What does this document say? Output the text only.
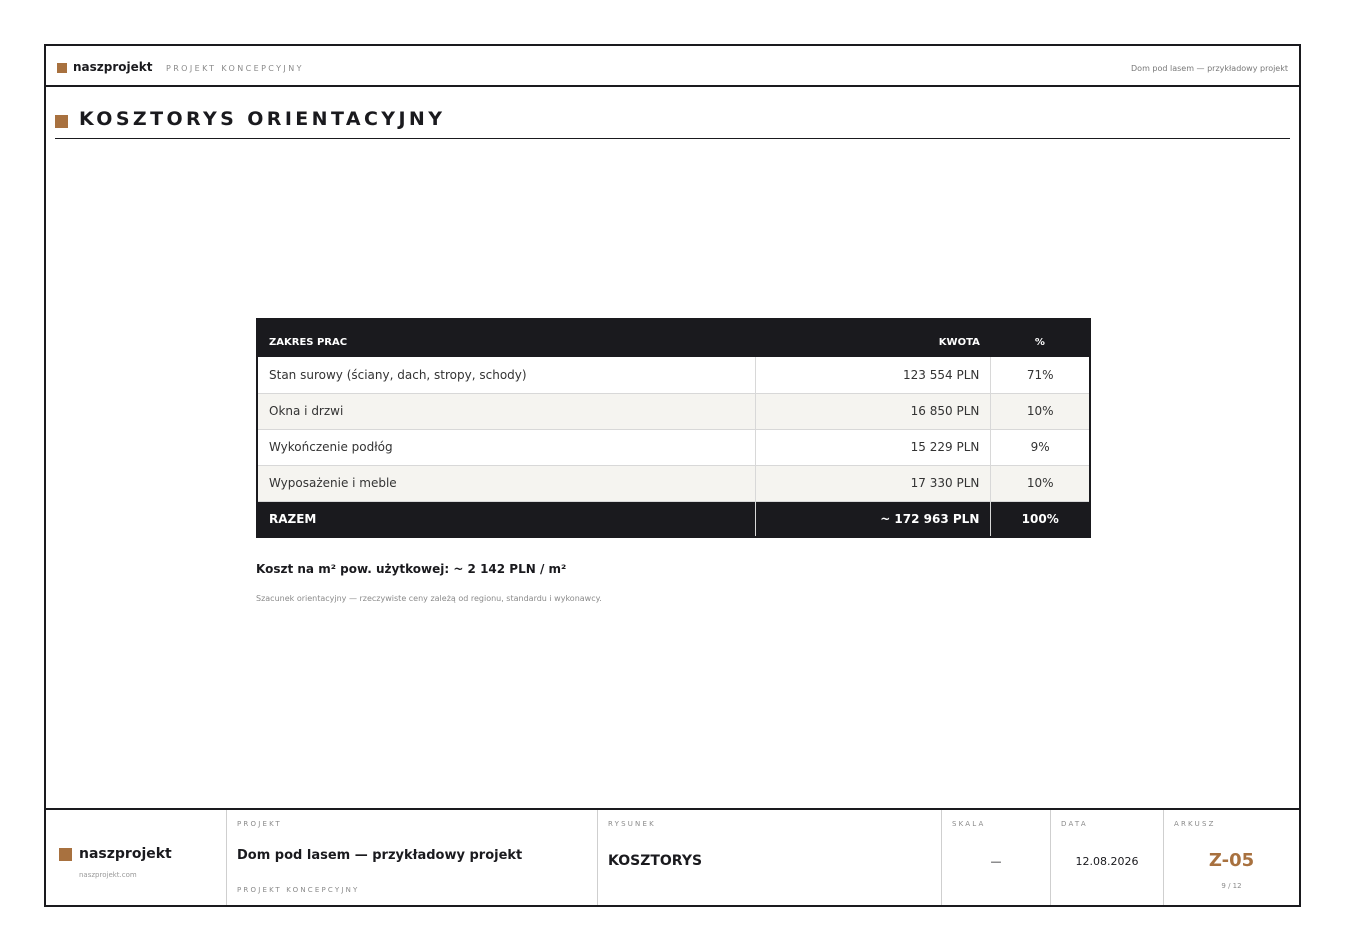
naszprojekt PROJEKT KONCEPCYJNY	Dom pod lasem — przykładowy projekt
KOSZTORYS ORIENTACYJNY
ZAKRES PRAC	KWOTA	%
Stan surowy (ściany, dach, stropy, schody)	123 554 PLN	71%
Okna i drzwi	16 850 PLN	10%
Wykończenie podłóg	15 229 PLN	9%
Wyposażenie i meble	17 330 PLN	10%
RAZEM	~ 172 963 PLN	100%

Koszt na m² pow. użytkowej: ~ 2 142 PLN / m²

Szacunek orientacyjny — rzeczywiste ceny zależą od regionu, standardu i wykonawcy.

naszprojekt
naszprojekt.com
PROJEKT
Dom pod lasem — przykładowy projekt
PROJEKT KONCEPCYJNY
RYSUNEK
KOSZTORYS
SKALA
—
DATA
12.08.2026
ARKUSZ
Z-05
9 / 12
